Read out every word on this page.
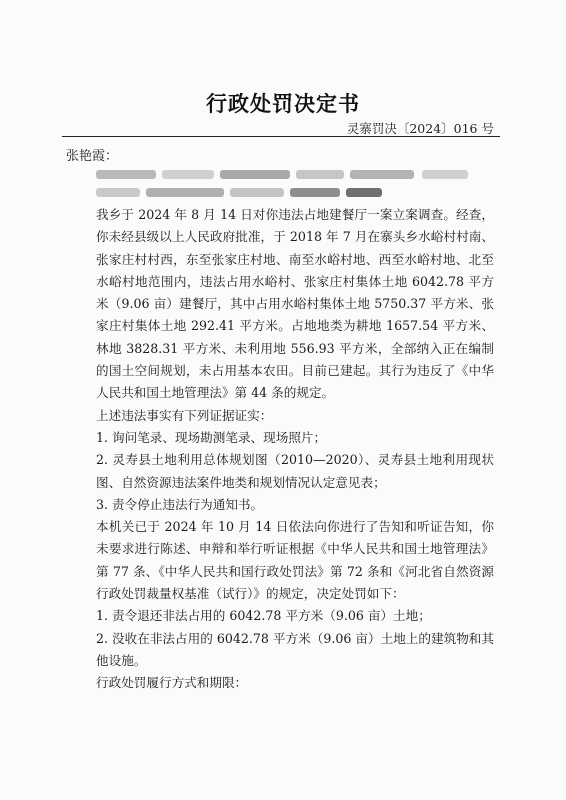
行政处罚决定书
灵寨罚决〔2024〕016 号
张艳霞：

我乡于 2024 年 8 月 14 日对你违法占地建餐厅一案立案调查。经查，你未经县级以上人民政府批准，于 2018 年 7 月在寨头乡水峪村村南、张家庄村村西，东至张家庄村地、南至水峪村地、西至水峪村地、北至水峪村地范围内，违法占用水峪村、张家庄村集体土地 6042.78 平方米（9.06 亩）建餐厅，其中占用水峪村集体土地 5750.37 平方米、张家庄村集体土地 292.41 平方米。占地地类为耕地 1657.54 平方米、林地 3828.31 平方米、未利用地 556.93 平方米，全部纳入正在编制的国土空间规划，未占用基本农田。目前已建起。其行为违反了《中华人民共和国土地管理法》第 44 条的规定。

上述违法事实有下列证据证实：

1. 询问笔录、现场勘测笔录、现场照片；

2. 灵寿县土地利用总体规划图（2010—2020）、灵寿县土地利用现状图、自然资源违法案件地类和规划情况认定意见表；

3. 责令停止违法行为通知书。

本机关已于 2024 年 10 月 14 日依法向你进行了告知和听证告知，你未要求进行陈述、申辩和举行听证根据《中华人民共和国土地管理法》第 77 条、《中华人民共和国行政处罚法》第 72 条和《河北省自然资源行政处罚裁量权基准（试行）》的规定，决定处罚如下：

1. 责令退还非法占用的 6042.78 平方米（9.06 亩）土地；

2. 没收在非法占用的 6042.78 平方米（9.06 亩）土地上的建筑物和其他设施。

行政处罚履行方式和期限：
